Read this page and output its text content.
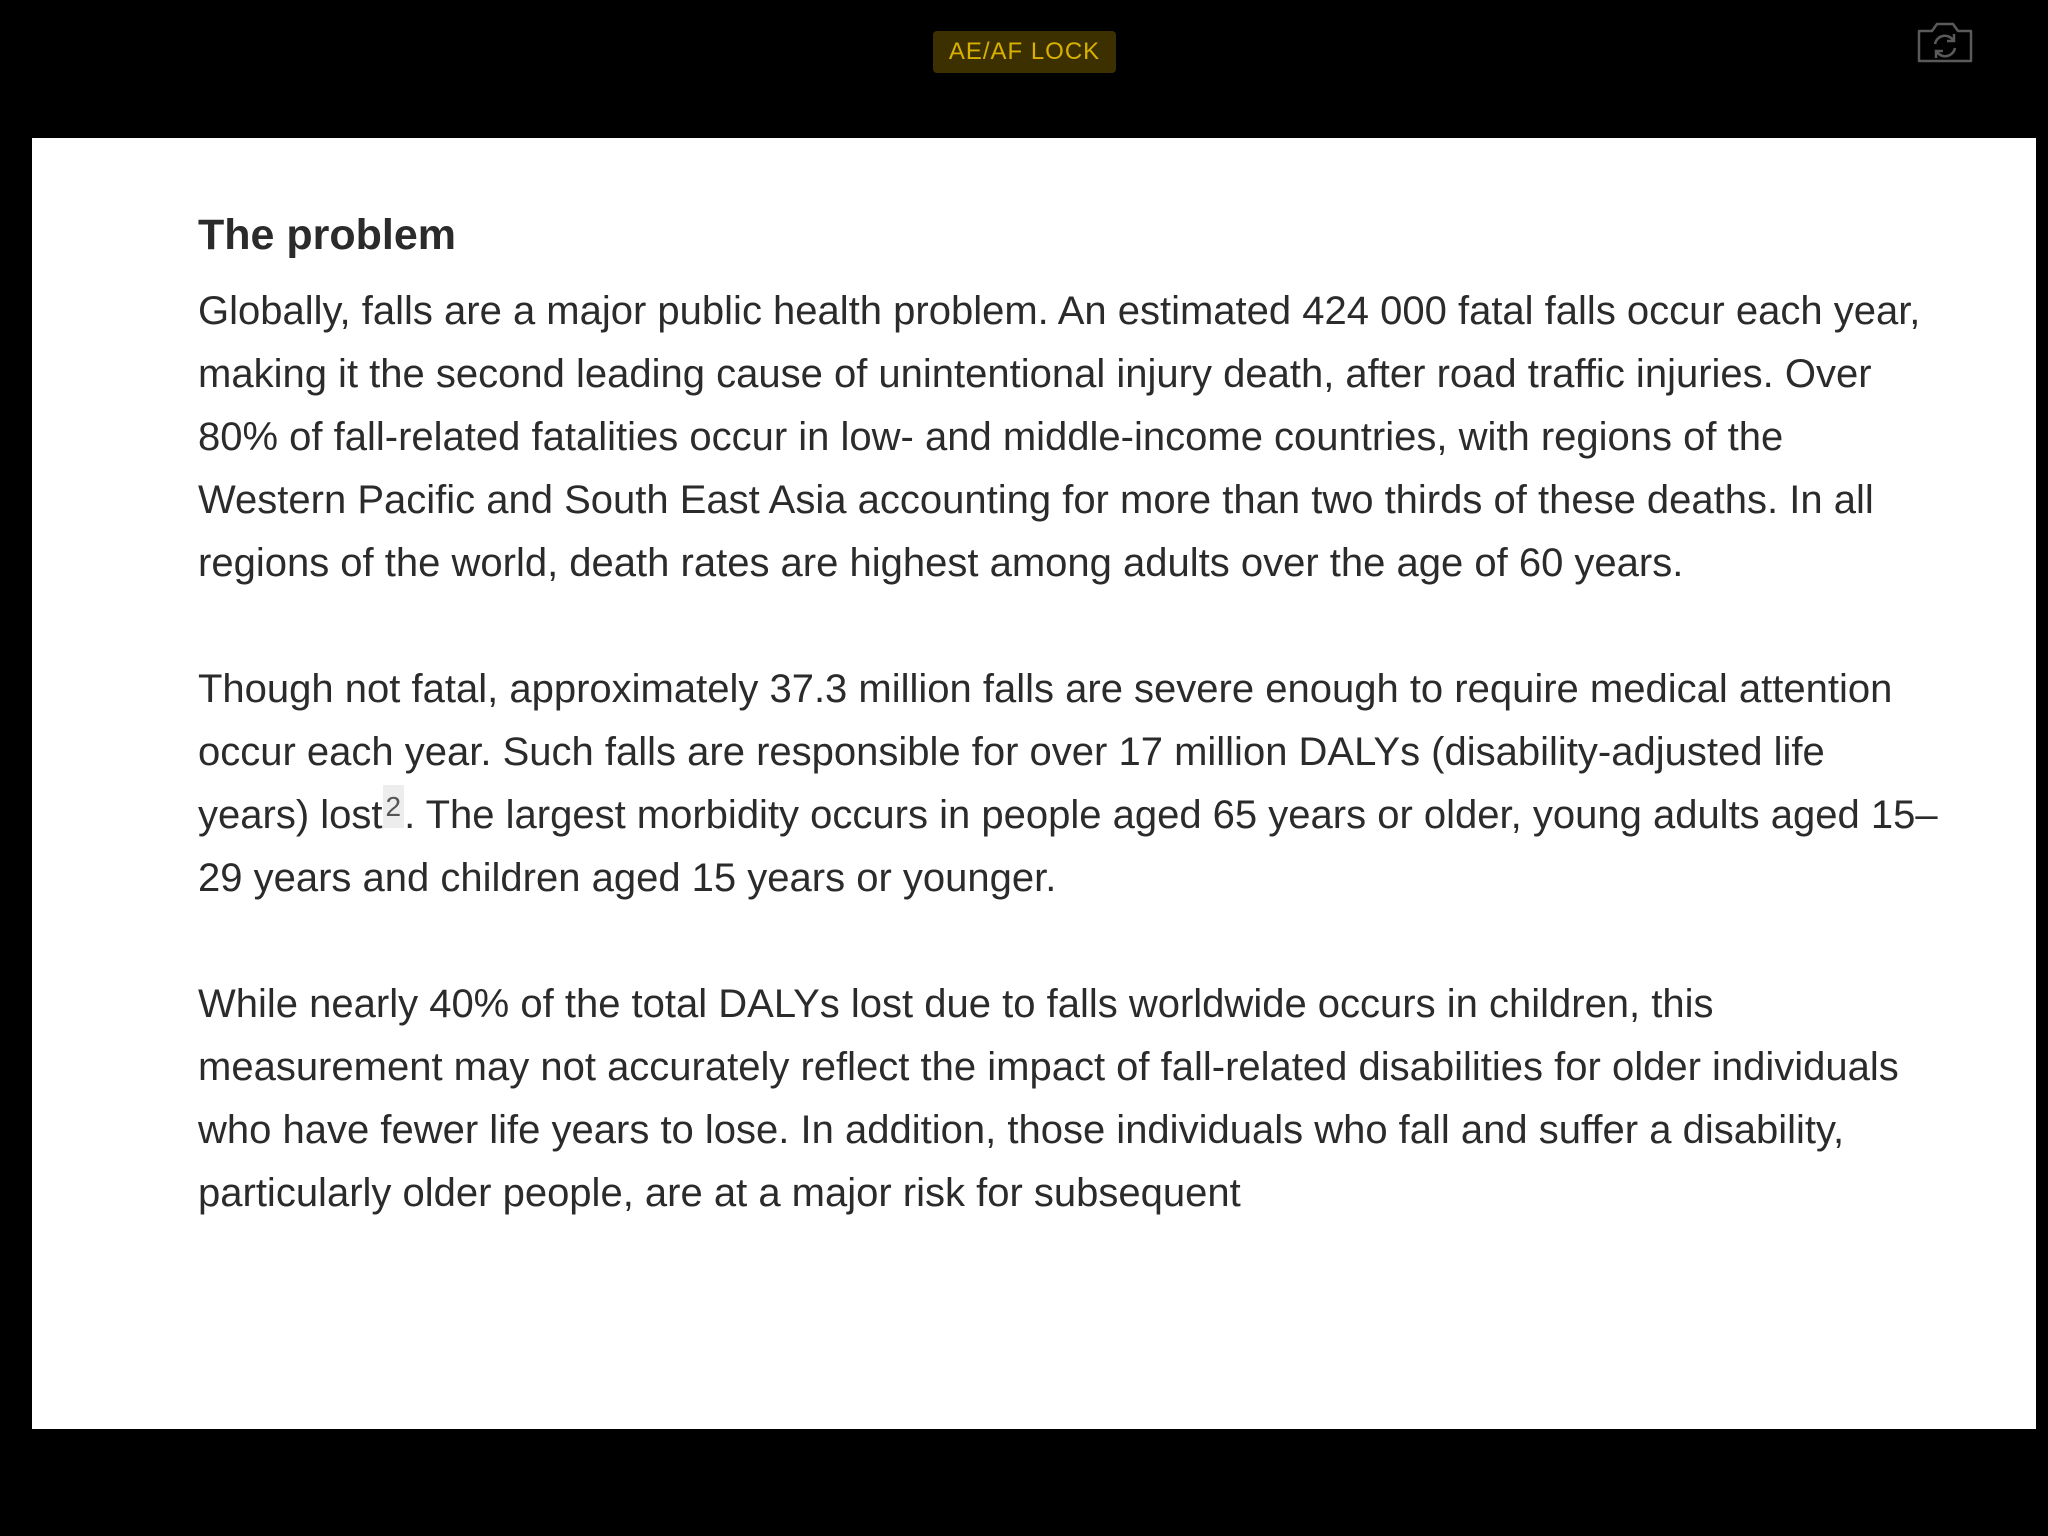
AE/AF LOCK

The problem

Globally, falls are a major public health problem. An estimated 424 000 fatal falls occur each year, making it the second leading cause of unintentional injury death, after road traffic injuries. Over 80% of fall-related fatalities occur in low- and middle-income countries, with regions of the Western Pacific and South East Asia accounting for more than two thirds of these deaths. In all regions of the world, death rates are highest among adults over the age of 60 years.

Though not fatal, approximately 37.3 million falls are severe enough to require medical attention occur each year. Such falls are responsible for over 17 million DALYs (disability-adjusted life years) lost $^2$. The largest morbidity occurs in people aged 65 years or older, young adults aged 15–29 years and children aged 15 years or younger.

While nearly 40% of the total DALYs lost due to falls worldwide occurs in children, this measurement may not accurately reflect the impact of fall-related disabilities for older individuals who have fewer life years to lose. In addition, those individuals who fall and suffer a disability, particularly older people, are at a major risk for subsequent
